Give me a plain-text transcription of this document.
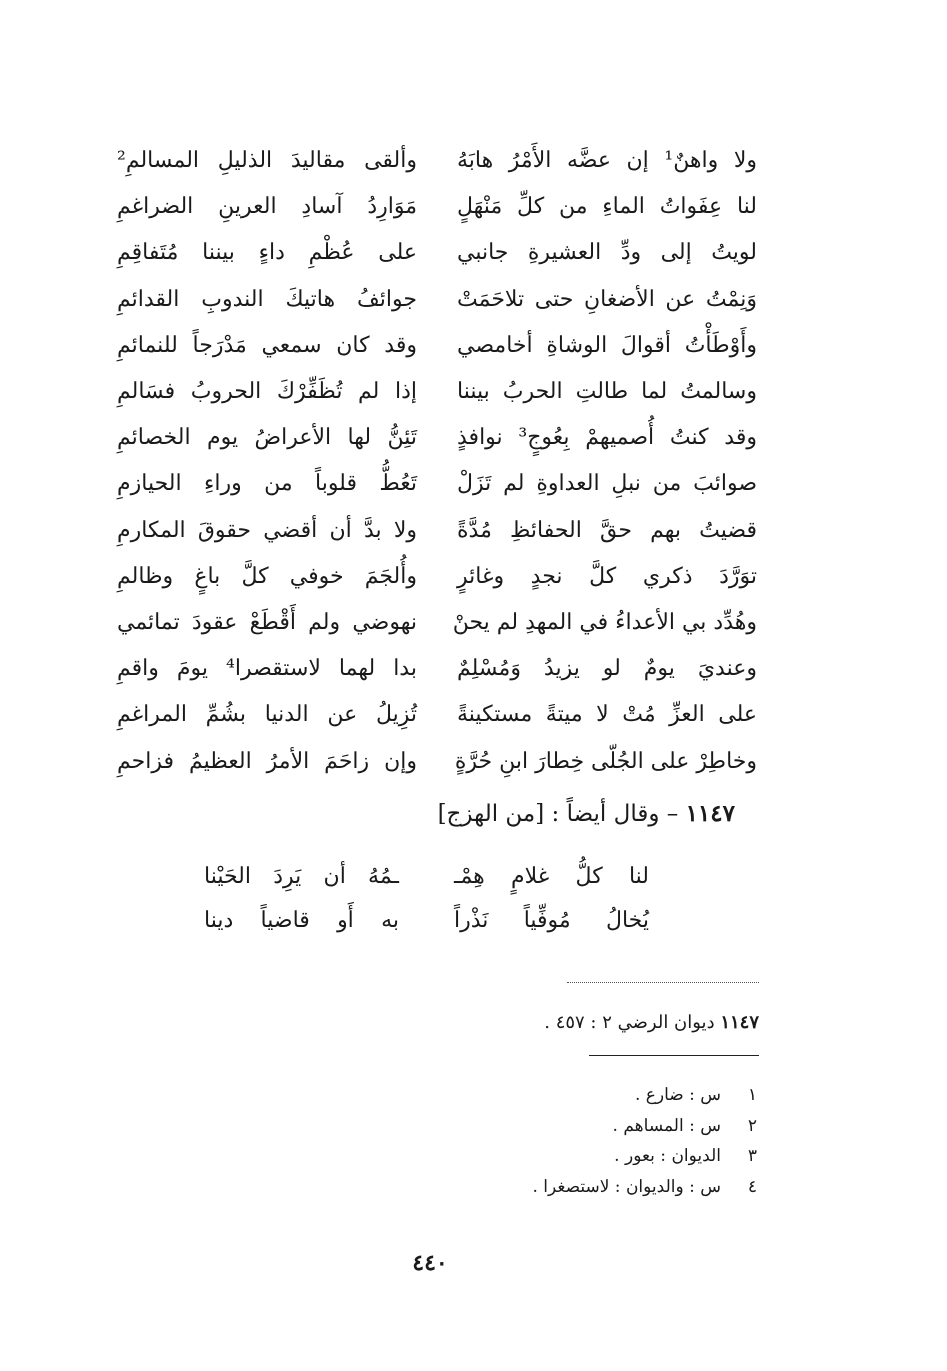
ولا واهنٌ¹ إن عضَّه الأَمْرُ هابَهُ
وألقى مقاليدَ الذليلِ المسالمِ²
لنا عِفَواتُ الماءِ من كلِّ مَنْهَلٍ
مَوَارِدُ آسادِ العرينِ الضراغمِ
لويتُ إلى ودِّ العشيرةِ جانبي
على عُظْمِ داءٍ بيننا مُتَفاقِمِ
وَنِمْتُ عن الأضغانِ حتى تلاحَمَتْ
جوائفُ هاتيكَ الندوبِ القدائمِ
وأَوْطَأْتُ أقوالَ الوشاةِ أخامصي
وقد كان سمعي مَدْرَجاً للنمائمِ
وسالمتُ لما طالتِ الحربُ بيننا
إذا لم تُظَفِّرْكَ الحروبُ فسَالمِ
وقد كنتُ أُصميهمْ بِعُوجٍ³ نوافذٍ
تَئِنُّ لها الأعراضُ يوم الخصائمِ
صوائبَ من نبلِ العداوةِ لم تَزَلْ
تَعُطُّ قلوباً من وراءِ الحيازمِ
قضيتُ بهم حقَّ الحفائظِ مُدَّةً
ولا بدَّ أن أقضي حقوقَ المكارمِ
توَرَّدَ ذكري كلَّ نجدٍ وغائرٍ
وأُلجَمَ خوفي كلَّ باغٍ وظالمِ
وهُدِّد بي الأعداءُ في المهدِ لم يحنْ
نهوضي ولم أَقْطَعْ عقودَ تمائمي
وعنديَ يومٌ لو يزيدُ وَمُسْلِمٌ
بدا لهما لاستقصرا⁴ يومَ واقمِ
على العزِّ مُتْ لا ميتةً مستكينةً
تُزِيلُ عن الدنيا بشُمِّ المراغمِ
وخاطِرْ على الجُلّى خِطارَ ابنِ حُرَّةٍ
وإن زاحَمَ الأمرُ العظيمُ فزاحمِ
١١٤٧ – وقال أيضاً : [من الهزج]
لنا كلُّ غلامٍ هِمْـ
ـمُهُ أن يَرِدَ الحَيْنا
يُخالُ مُوفِّياً نَذْراً
به أَو قاضياً دينا
١١٤٧ ديوان الرضي ٢ : ٤٥٧ .
١
س : ضارع .
٢
س : المساهم .
٣
الديوان : بعور .
٤
س : والديوان : لاستصغرا .
٤٤٠
